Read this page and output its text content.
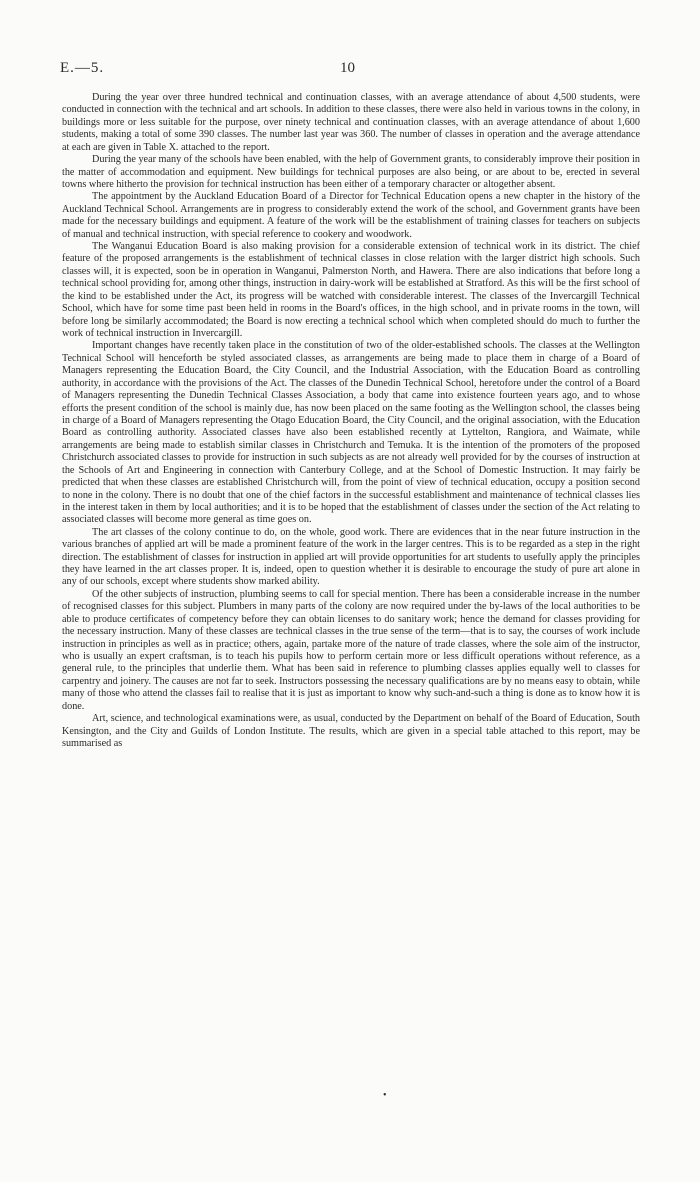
E.—5.	10

During the year over three hundred technical and continuation classes, with an average attendance of about 4,500 students, were conducted in connection with the technical and art schools. In addition to these classes, there were also held in various towns in the colony, in buildings more or less suitable for the purpose, over ninety technical and continuation classes, with an average attendance of about 1,600 students, making a total of some 390 classes. The number last year was 360. The number of classes in operation and the average attendance at each are given in Table X. attached to the report.

During the year many of the schools have been enabled, with the help of Government grants, to considerably improve their position in the matter of accommodation and equipment. New buildings for technical purposes are also being, or are about to be, erected in several towns where hitherto the provision for technical instruction has been either of a temporary character or altogether absent.

The appointment by the Auckland Education Board of a Director for Technical Education opens a new chapter in the history of the Auckland Technical School. Arrangements are in progress to considerably extend the work of the school, and Government grants have been made for the necessary buildings and equipment. A feature of the work will be the establishment of training classes for teachers on subjects of manual and technical instruction, with special reference to cookery and woodwork.

The Wanganui Education Board is also making provision for a considerable extension of technical work in its district. The chief feature of the proposed arrangements is the establishment of technical classes in close relation with the larger district high schools. Such classes will, it is expected, soon be in operation in Wanganui, Palmerston North, and Hawera. There are also indications that before long a technical school providing for, among other things, instruction in dairy-work will be established at Stratford. As this will be the first school of the kind to be established under the Act, its progress will be watched with considerable interest. The classes of the Invercargill Technical School, which have for some time past been held in rooms in the Board's offices, in the high school, and in private rooms in the town, will before long be similarly accommodated; the Board is now erecting a technical school which when completed should do much to further the work of technical instruction in Invercargill.

Important changes have recently taken place in the constitution of two of the older-established schools. The classes at the Wellington Technical School will henceforth be styled associated classes, as arrangements are being made to place them in charge of a Board of Managers representing the Education Board, the City Council, and the Industrial Association, with the Education Board as controlling authority, in accordance with the provisions of the Act. The classes of the Dunedin Technical School, heretofore under the control of a Board of Managers representing the Dunedin Technical Classes Association, a body that came into existence fourteen years ago, and to whose efforts the present condition of the school is mainly due, has now been placed on the same footing as the Wellington school, the classes being in charge of a Board of Managers representing the Otago Education Board, the City Council, and the original association, with the Education Board as controlling authority. Associated classes have also been established recently at Lyttelton, Rangiora, and Waimate, while arrangements are being made to establish similar classes in Christchurch and Temuka. It is the intention of the promoters of the proposed Christchurch associated classes to provide for instruction in such subjects as are not already well provided for by the courses of instruction at the Schools of Art and Engineering in connection with Canterbury College, and at the School of Domestic Instruction. It may fairly be predicted that when these classes are established Christchurch will, from the point of view of technical education, occupy a position second to none in the colony. There is no doubt that one of the chief factors in the successful establishment and maintenance of technical classes lies in the interest taken in them by local authorities; and it is to be hoped that the establishment of classes under the section of the Act relating to associated classes will become more general as time goes on.

The art classes of the colony continue to do, on the whole, good work. There are evidences that in the near future instruction in the various branches of applied art will be made a prominent feature of the work in the larger centres. This is to be regarded as a step in the right direction. The establishment of classes for instruction in applied art will provide opportunities for art students to usefully apply the principles they have learned in the art classes proper. It is, indeed, open to question whether it is desirable to encourage the study of pure art alone in any of our schools, except where students show marked ability.

Of the other subjects of instruction, plumbing seems to call for special mention. There has been a considerable increase in the number of recognised classes for this subject. Plumbers in many parts of the colony are now required under the by-laws of the local authorities to be able to produce certificates of competency before they can obtain licenses to do sanitary work; hence the demand for classes providing for the necessary instruction. Many of these classes are technical classes in the true sense of the term—that is to say, the courses of work include instruction in principles as well as in practice; others, again, partake more of the nature of trade classes, where the sole aim of the instructor, who is usually an expert craftsman, is to teach his pupils how to perform certain more or less difficult operations without reference, as a general rule, to the principles that underlie them. What has been said in reference to plumbing classes applies equally well to classes for carpentry and joinery. The causes are not far to seek. Instructors possessing the necessary qualifications are by no means easy to obtain, while many of those who attend the classes fail to realise that it is just as important to know why such-and-such a thing is done as to know how it is done.

Art, science, and technological examinations were, as usual, conducted by the Department on behalf of the Board of Education, South Kensington, and the City and Guilds of London Institute. The results, which are given in a special table attached to this report, may be summarised as

•
